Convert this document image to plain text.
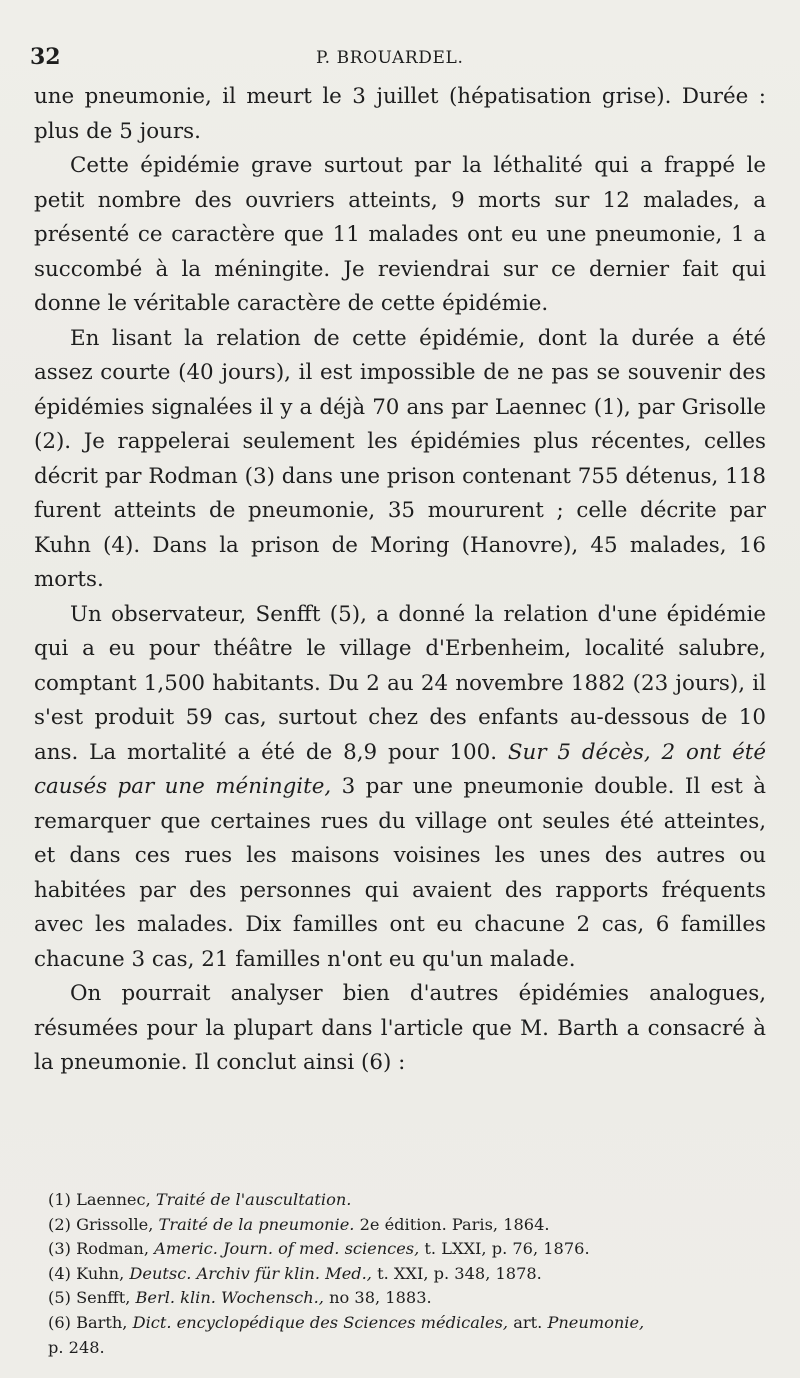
32	P. BROUARDEL.

une pneumonie, il meurt le 3 juillet (hépatisation grise). Durée : plus de 5 jours.

Cette épidémie grave surtout par la léthalité qui a frappé le petit nombre des ouvriers atteints, 9 morts sur 12 malades, a présenté ce caractère que 11 malades ont eu une pneumonie, 1 a succombé à la méningite. Je reviendrai sur ce dernier fait qui donne le véritable caractère de cette épidémie.

En lisant la relation de cette épidémie, dont la durée a été assez courte (40 jours), il est impossible de ne pas se souvenir des épidémies signalées il y a déjà 70 ans par Laennec (1), par Grisolle (2). Je rappelerai seulement les épidémies plus récentes, celles décrit par Rodman (3) dans une prison contenant 755 détenus, 118 furent atteints de pneumonie, 35 moururent ; celle décrite par Kuhn (4). Dans la prison de Moring (Hanovre), 45 malades, 16 morts.

Un observateur, Senfft (5), a donné la relation d'une épidémie qui a eu pour théâtre le village d'Erbenheim, localité salubre, comptant 1,500 habitants. Du 2 au 24 novembre 1882 (23 jours), il s'est produit 59 cas, surtout chez des enfants au-dessous de 10 ans. La mortalité a été de 8,9 pour 100. Sur 5 décès, 2 ont été causés par une méningite, 3 par une pneumonie double. Il est à remarquer que certaines rues du village ont seules été atteintes, et dans ces rues les maisons voisines les unes des autres ou habitées par des personnes qui avaient des rapports fréquents avec les malades. Dix familles ont eu chacune 2 cas, 6 familles chacune 3 cas, 21 familles n'ont eu qu'un malade.

On pourrait analyser bien d'autres épidémies analogues, résumées pour la plupart dans l'article que M. Barth a consacré à la pneumonie. Il conclut ainsi (6) :

(1) Laennec, Traité de l'auscultation.

(2) Grissolle, Traité de la pneumonie. 2e édition. Paris, 1864.

(3) Rodman, Americ. Journ. of med. sciences, t. LXXI, p. 76, 1876.

(4) Kuhn, Deutsc. Archiv für klin. Med., t. XXI, p. 348, 1878.

(5) Senfft, Berl. klin. Wochensch., no 38, 1883.

(6) Barth, Dict. encyclopédique des Sciences médicales, art. Pneumonie,
p. 248.
